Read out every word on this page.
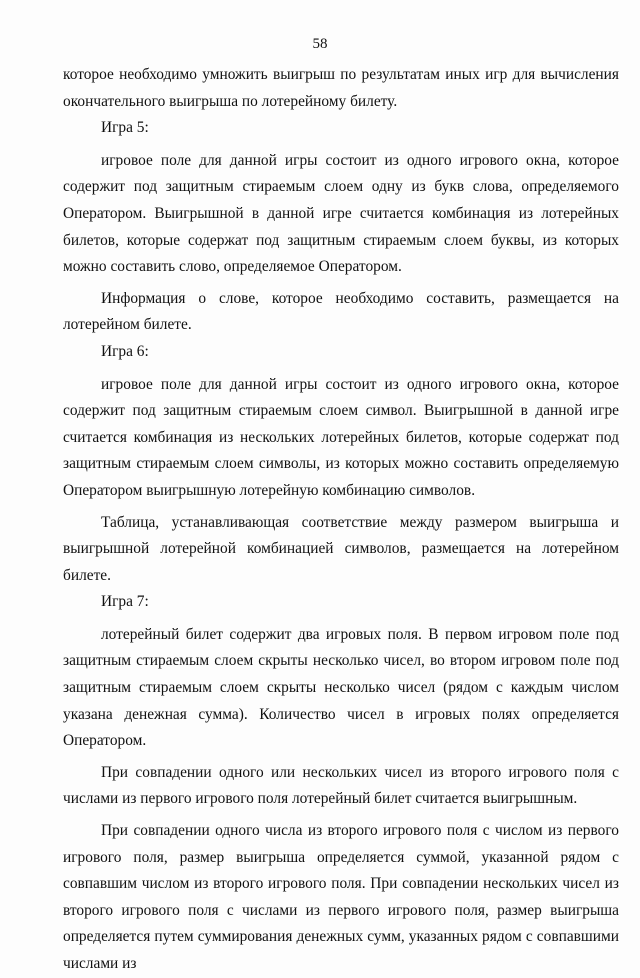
58

которое необходимо умножить выигрыш по результатам иных игр для вычисления окончательного выигрыша по лотерейному билету.

Игра 5:

игровое поле для данной игры состоит из одного игрового окна, которое содержит под защитным стираемым слоем одну из букв слова, определяемого Оператором. Выигрышной в данной игре считается комбинация из лотерейных билетов, которые содержат под защитным стираемым слоем буквы, из которых можно составить слово, определяемое Оператором.

Информация о слове, которое необходимо составить, размещается на лотерейном билете.

Игра 6:

игровое поле для данной игры состоит из одного игрового окна, которое содержит под защитным стираемым слоем символ. Выигрышной в данной игре считается комбинация из нескольких лотерейных билетов, которые содержат под защитным стираемым слоем символы, из которых можно составить определяемую Оператором выигрышную лотерейную комбинацию символов.

Таблица, устанавливающая соответствие между размером выигрыша и выигрышной лотерейной комбинацией символов, размещается на лотерейном билете.

Игра 7:

лотерейный билет содержит два игровых поля. В первом игровом поле под защитным стираемым слоем скрыты несколько чисел, во втором игровом поле под защитным стираемым слоем скрыты несколько чисел (рядом с каждым числом указана денежная сумма). Количество чисел в игровых полях определяется Оператором.

При совпадении одного или нескольких чисел из второго игрового поля с числами из первого игрового поля лотерейный билет считается выигрышным.

При совпадении одного числа из второго игрового поля с числом из первого игрового поля, размер выигрыша определяется суммой, указанной рядом с совпавшим числом из второго игрового поля. При совпадении нескольких чисел из второго игрового поля с числами из первого игрового поля, размер выигрыша определяется путем суммирования денежных сумм, указанных рядом с совпавшими числами из
